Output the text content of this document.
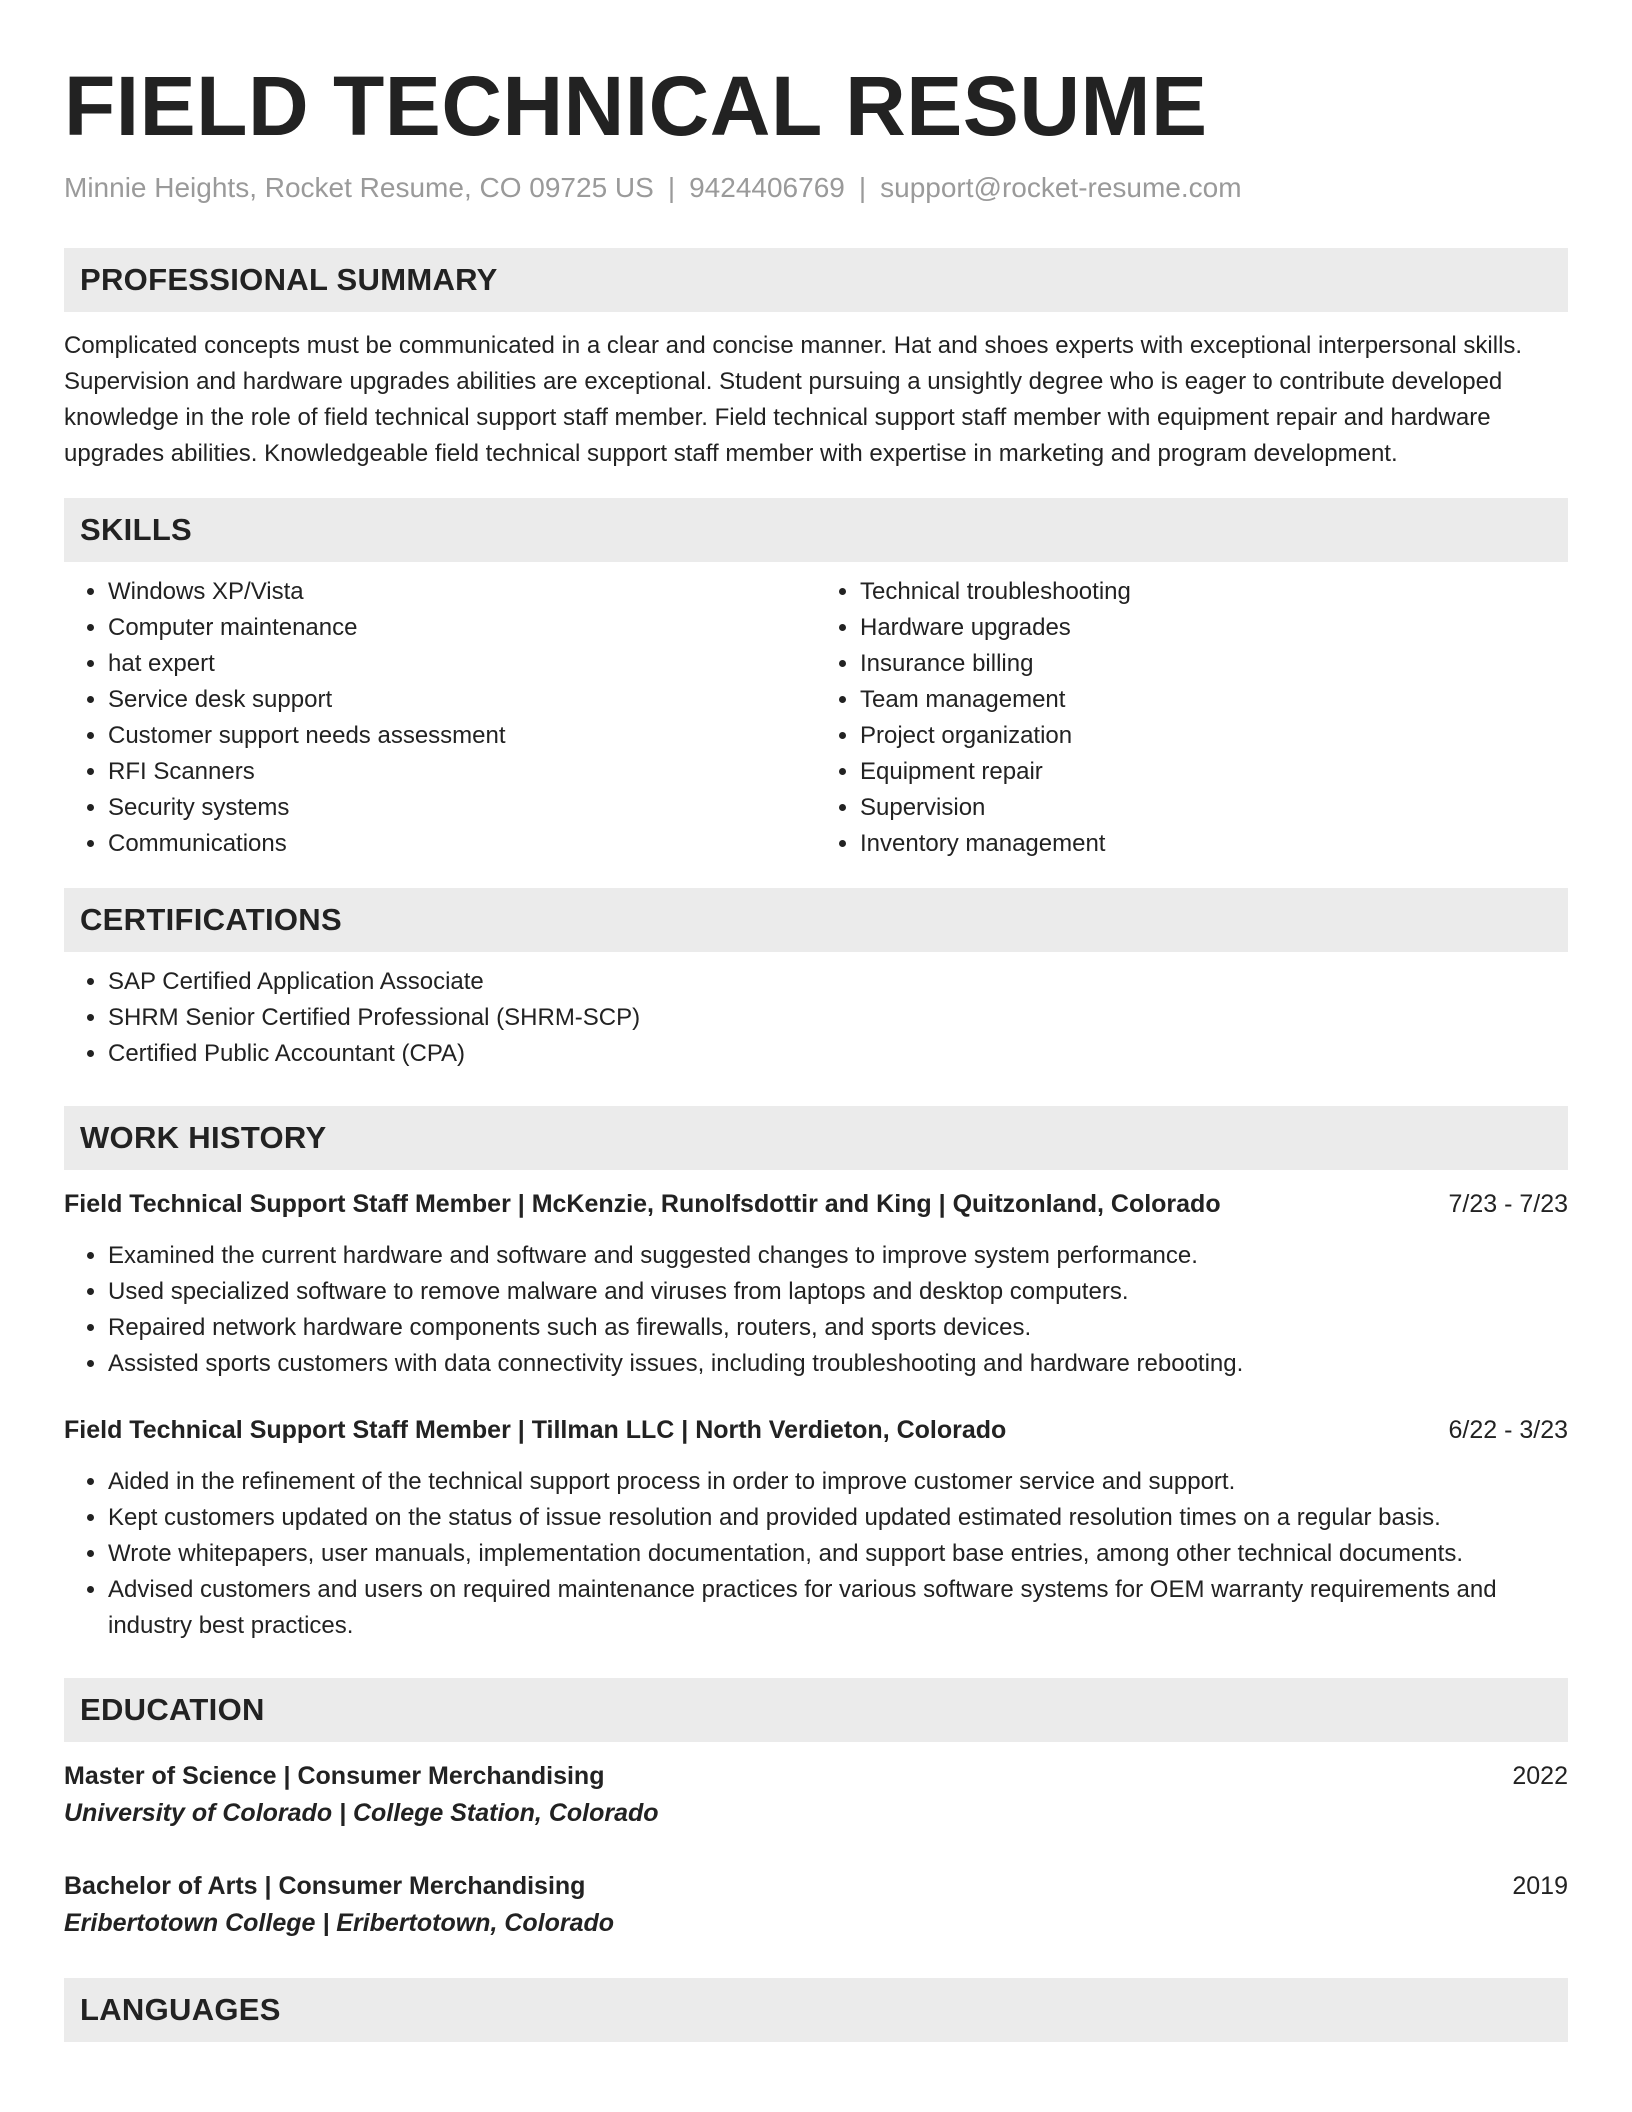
FIELD TECHNICAL RESUME
Minnie Heights, Rocket Resume, CO 09725 US | 9424406769 | support@rocket-resume.com
PROFESSIONAL SUMMARY

Complicated concepts must be communicated in a clear and concise manner. Hat and shoes experts with exceptional interpersonal skills. Supervision and hardware upgrades abilities are exceptional. Student pursuing a unsightly degree who is eager to contribute developed knowledge in the role of field technical support staff member. Field technical support staff member with equipment repair and hardware upgrades abilities. Knowledgeable field technical support staff member with expertise in marketing and program development.

SKILLS
• Windows XP/Vista
• Computer maintenance
• hat expert
• Service desk support
• Customer support needs assessment
• RFI Scanners
• Security systems
• Communications
• Technical troubleshooting
• Hardware upgrades
• Insurance billing
• Team management
• Project organization
• Equipment repair
• Supervision
• Inventory management
CERTIFICATIONS
• SAP Certified Application Associate
• SHRM Senior Certified Professional (SHRM-SCP)
• Certified Public Accountant (CPA)
WORK HISTORY
Field Technical Support Staff Member | McKenzie, Runolfsdottir and King | Quitzonland, Colorado	7/23 - 7/23
• Examined the current hardware and software and suggested changes to improve system performance.
• Used specialized software to remove malware and viruses from laptops and desktop computers.
• Repaired network hardware components such as firewalls, routers, and sports devices.
• Assisted sports customers with data connectivity issues, including troubleshooting and hardware rebooting.
Field Technical Support Staff Member | Tillman LLC | North Verdieton, Colorado	6/22 - 3/23
• Aided in the refinement of the technical support process in order to improve customer service and support.
• Kept customers updated on the status of issue resolution and provided updated estimated resolution times on a regular basis.
• Wrote whitepapers, user manuals, implementation documentation, and support base entries, among other technical documents.
• Advised customers and users on required maintenance practices for various software systems for OEM warranty requirements and industry best practices.
EDUCATION
Master of Science | Consumer Merchandising	2022
University of Colorado | College Station, Colorado
Bachelor of Arts | Consumer Merchandising	2019
Eribertotown College | Eribertotown, Colorado
LANGUAGES
